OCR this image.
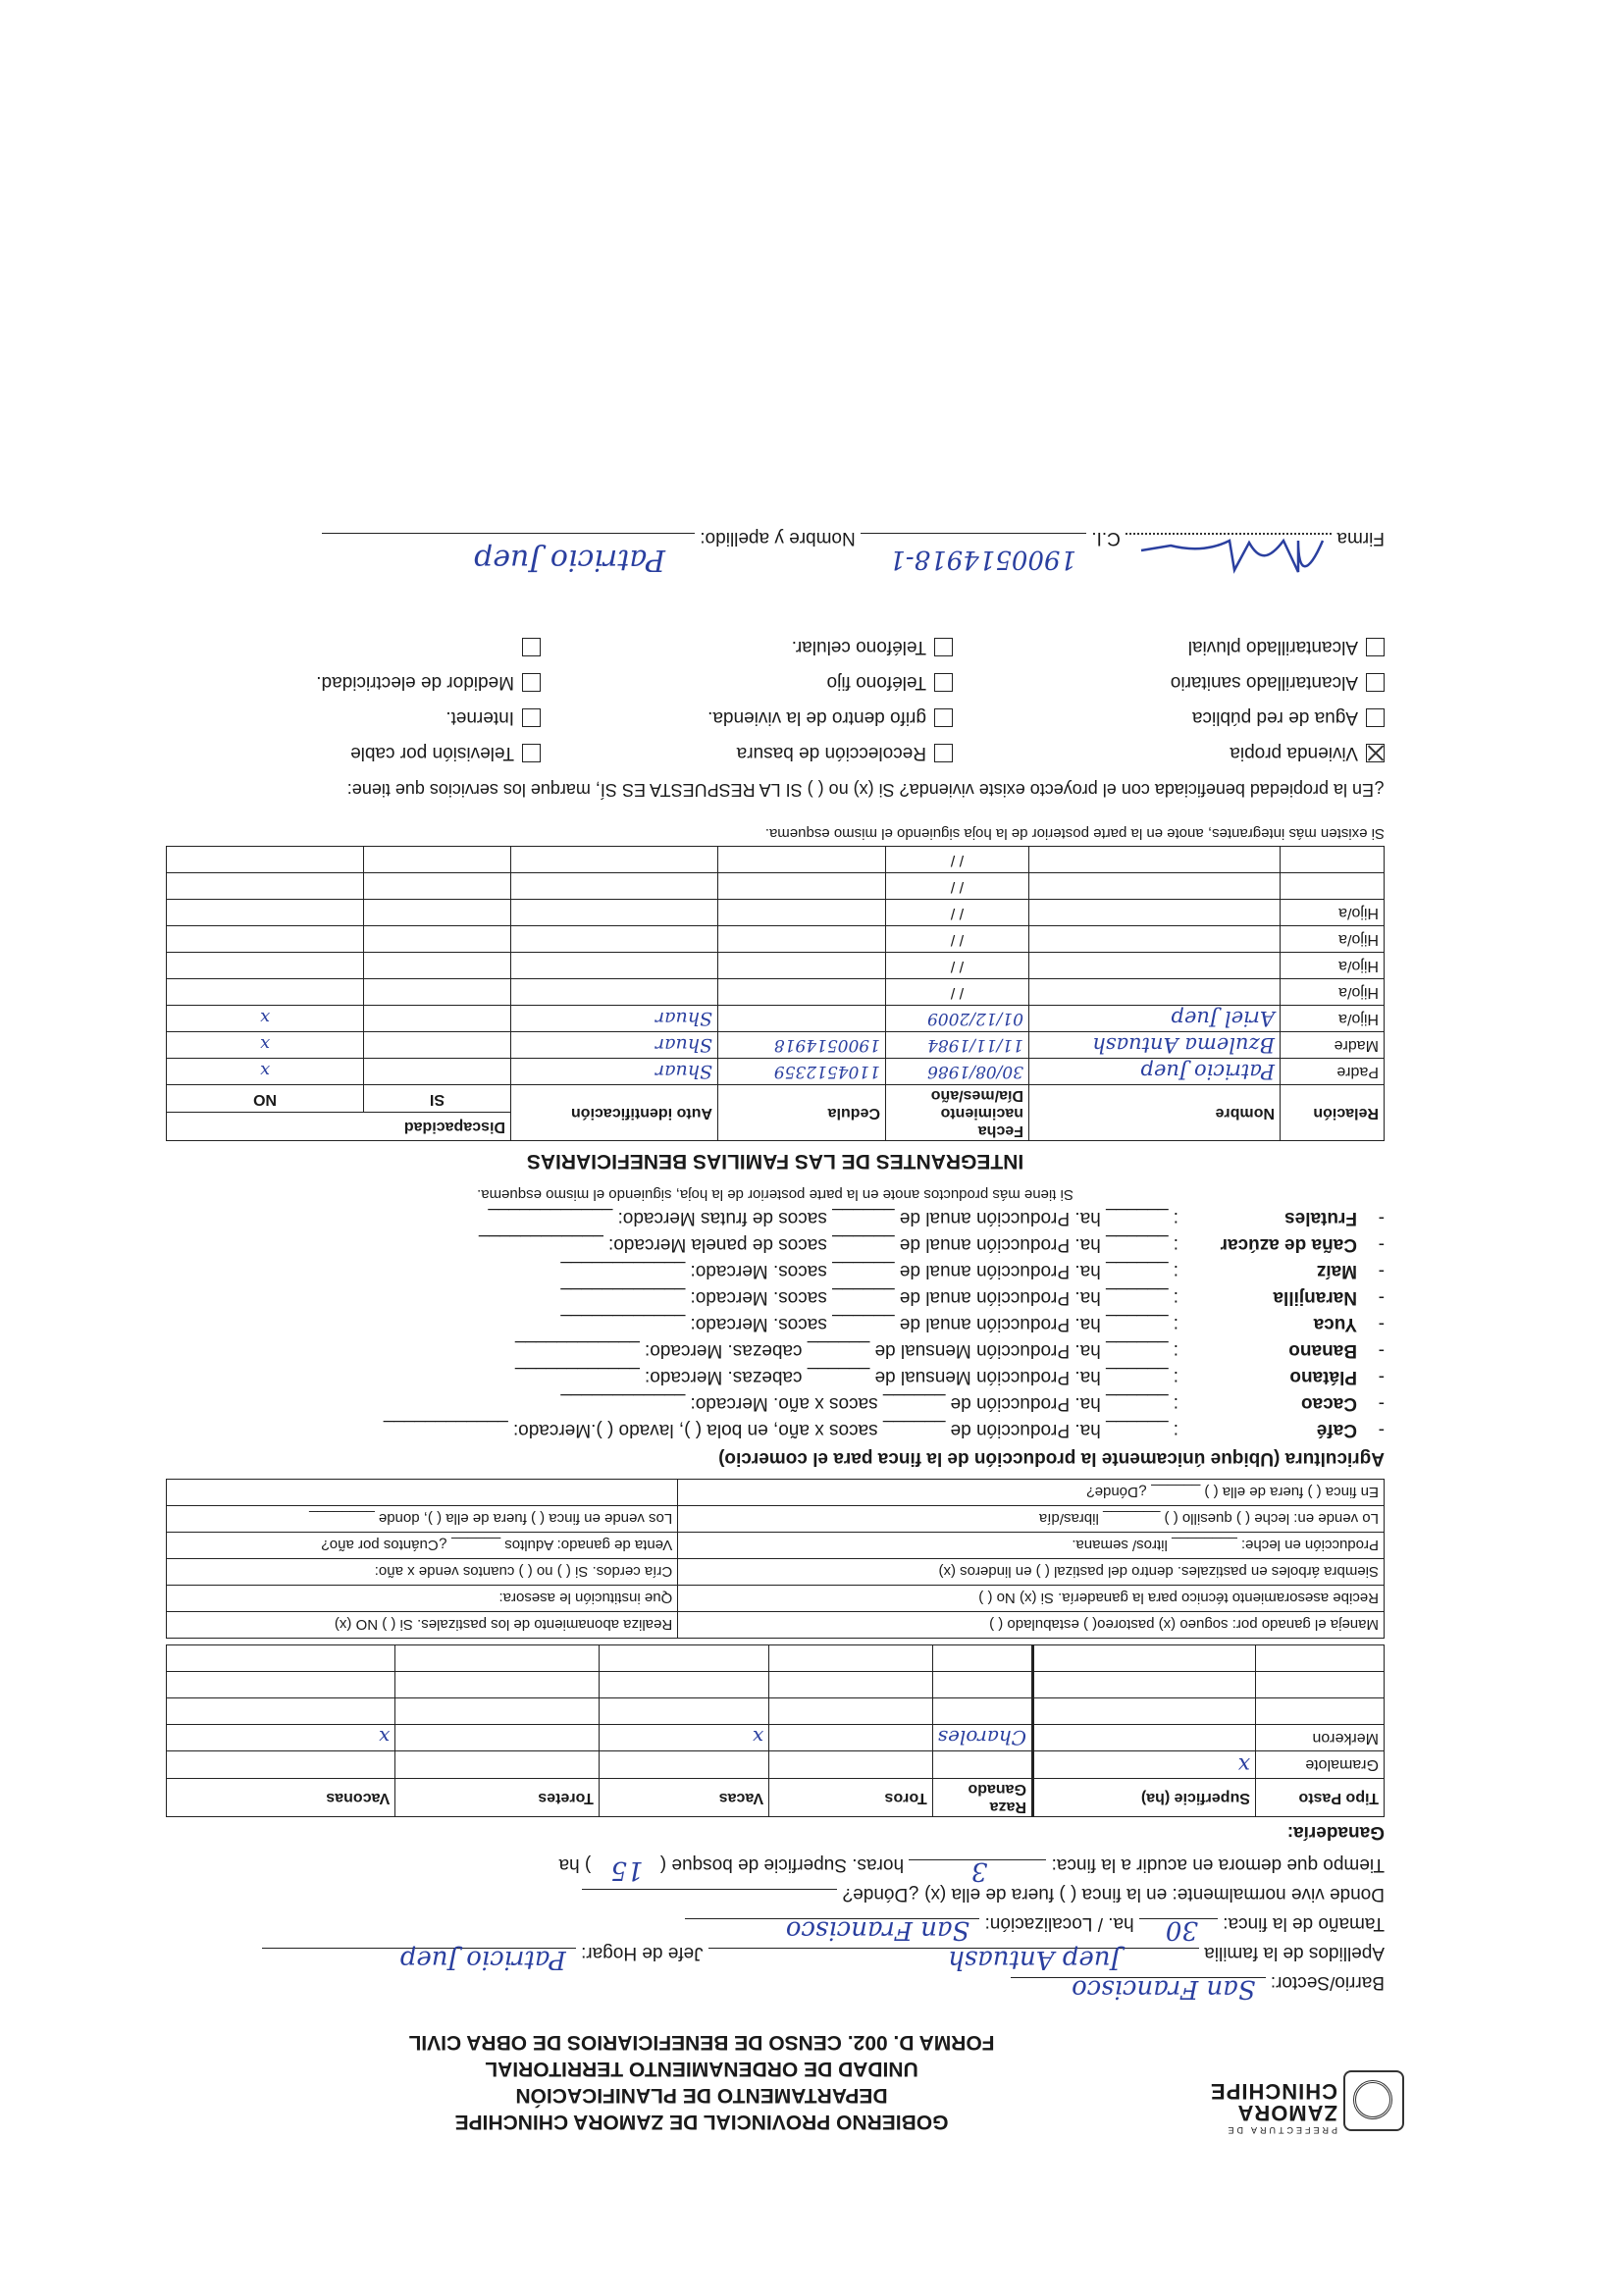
PREFECTURA DE
ZAMORA
CHINCHIPE
GOBIERNO PROVINCIAL DE ZAMORA CHINCHIPE
DEPARTAMENTO DE PLANIFICACIÓN
UNIDAD DE ORDENAMIENTO TERRITORIAL
FORMA D. 002. CENSO DE BENEFICIARIOS DE OBRA CIVIL
Barrio/Sector:
San Francisco
Apellidos de la familia
Juep Antuash
Jefe de Hogar:
Patricio Juep
Tamaño de la finca:
30
ha. / Localización:
San Francisco
Donde vive normalmente: en la finca ( ) fuera de ella (x) ¿Dónde?
Tiempo que demora en acudir a la finca:
3
horas. Superficie de bosque (
15
) ha
Ganadería:
Tipo Pasto	Superficie (ha)	Raza Ganado	Toros	Vacas	Toretes	Vaconas
Gramalote	x					
Merkeron		Charoles		x		x

Maneja el ganado por: sogueo (x) pastoreo( ) estabulado ( )	Realiza abonamiento de los pastizales. Si ( ) NO (x)
Recibe asesoramiento técnico para la ganadería. Si (x) No ( )	Que institución le asesora:
Siembra árboles en pastizales. dentro del pastizal ( ) en linderos (x)	Cría cerdos. Si ( ) no ( ) cuantos vende x año:
Producción en leche: ________ litros/ semana.	Venta de ganado: Adultos ______ ¿Cuántos por año?
Lo vende en: leche ( ) quesillo ( ) _______ libras/día	Los vende en finca ( ) fuera de ella ( ), donde ________
En finca ( ) fuera de ella ( ) ______ ¿Dónde?	
Agricultura (Ubique únicamente la producción de la finca para el comercio)
-
Café
: ______ ha. Producción de ______ sacos x año, en bola ( ), lavado ( ).Mercado: ____________
-
Cacao
: ______ ha. Producción de ______ sacos x año. Mercado: ____________
-
Plátano
: ______ ha. Producción Mensual de ______ cabezas. Mercado: ____________
-
Banano
: ______ ha. Producción Mensual de ______ cabezas. Mercado: ____________
-
Yuca
: ______ ha. Producción anual de ______ sacos. Mercado: ____________
-
Naranjilla
: ______ ha. Producción anual de ______ sacos. Mercado: ____________
-
Maíz
: ______ ha. Producción anual de ______ sacos. Mercado: ____________
-
Caña de azúcar
: ______ ha. Producción anual de ______ sacos de panela Mercado: ____________
-
Frutales
: ______ ha. Producción anual de ______ sacos de frutas Mercado: ____________
Si tiene más productos anote en la parte posterior de la hoja, siguiendo el mismo esquema.
INTEGRANTES DE LAS FAMILIAS BENEFICIARIAS
Relación	Nombre	Fecha nacimiento Día/mes/año	Cedula	Auto identificación	Discapacidad	
					SI	NO
Padre	Patricio Juep	30/08/1986	1104512359	Shuar		x
Madre	Bzulema Antuash	11/11/1984	1900514918	Shuar		x
Hijo/a	Ariel Juep	01/12/2009		Shuar		x
Hijo/a		/ /				
Hijo/a		/ /				
Hijo/a		/ /				
Hijo/a		/ /				
		/ /				
		/ /				
Si existen más integrantes, anote en la parte posterior de la hoja siguiendo el mismo esquema.
¿En la propiedad beneficiada con el proyecto existe vivienda? Si (x) no ( ) SI LA RESPUESTA ES SÍ, marque los servicios que tiene:
Vivienda propia
Recolección de basura
Televisión por cable
Agua de red pública
grifo dentro de la vivienda.
Internet.
Alcantarillado sanitario
Teléfono fijo
Medidor de electricidad.
Alcantarillado pluvial
Teléfono celular.
Firma
C.I.
1900514918-1
Nombre y apellido:
Patricio Juep
